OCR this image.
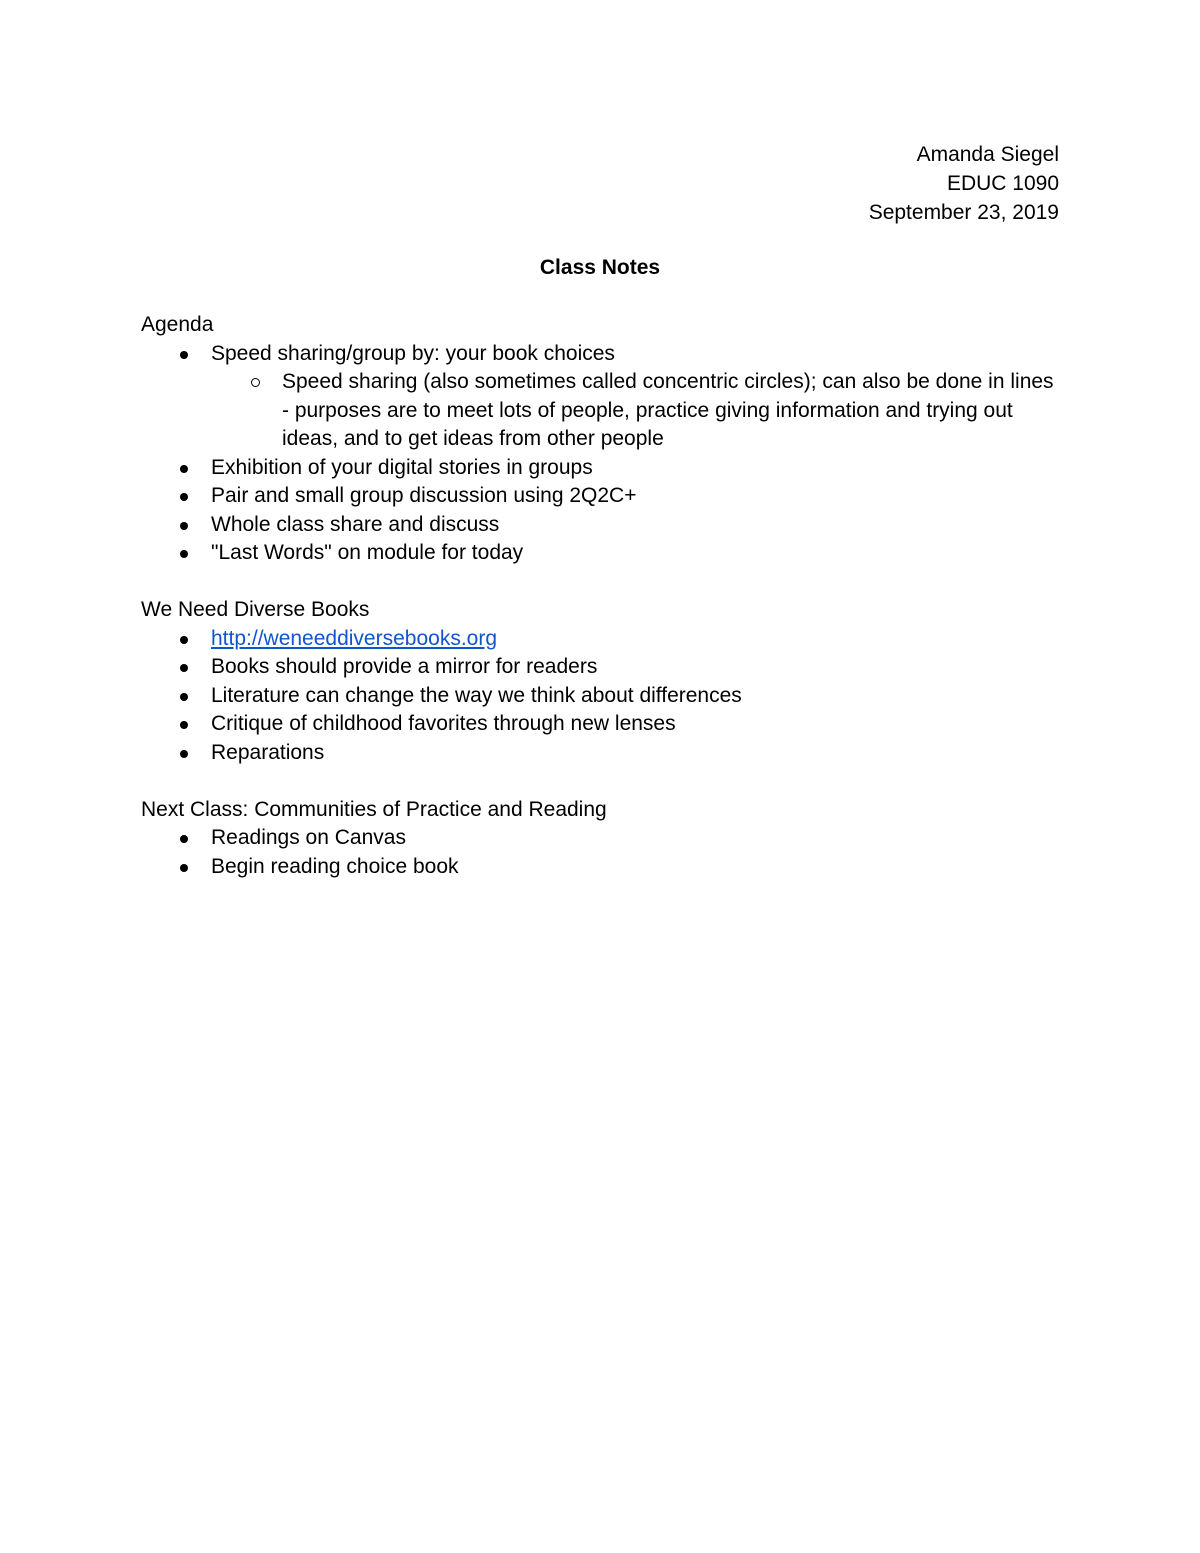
Amanda Siegel
EDUC 1090
September 23, 2019
Class Notes
Agenda
Speed sharing/group by: your book choices
Speed sharing (also sometimes called concentric circles); can also be done in lines - purposes are to meet lots of people, practice giving information and trying out ideas, and to get ideas from other people
Exhibition of your digital stories in groups
Pair and small group discussion using 2Q2C+
Whole class share and discuss
"Last Words" on module for today
We Need Diverse Books
http://weneeddiversebooks.org
Books should provide a mirror for readers
Literature can change the way we think about differences
Critique of childhood favorites through new lenses
Reparations
Next Class: Communities of Practice and Reading
Readings on Canvas
Begin reading choice book
